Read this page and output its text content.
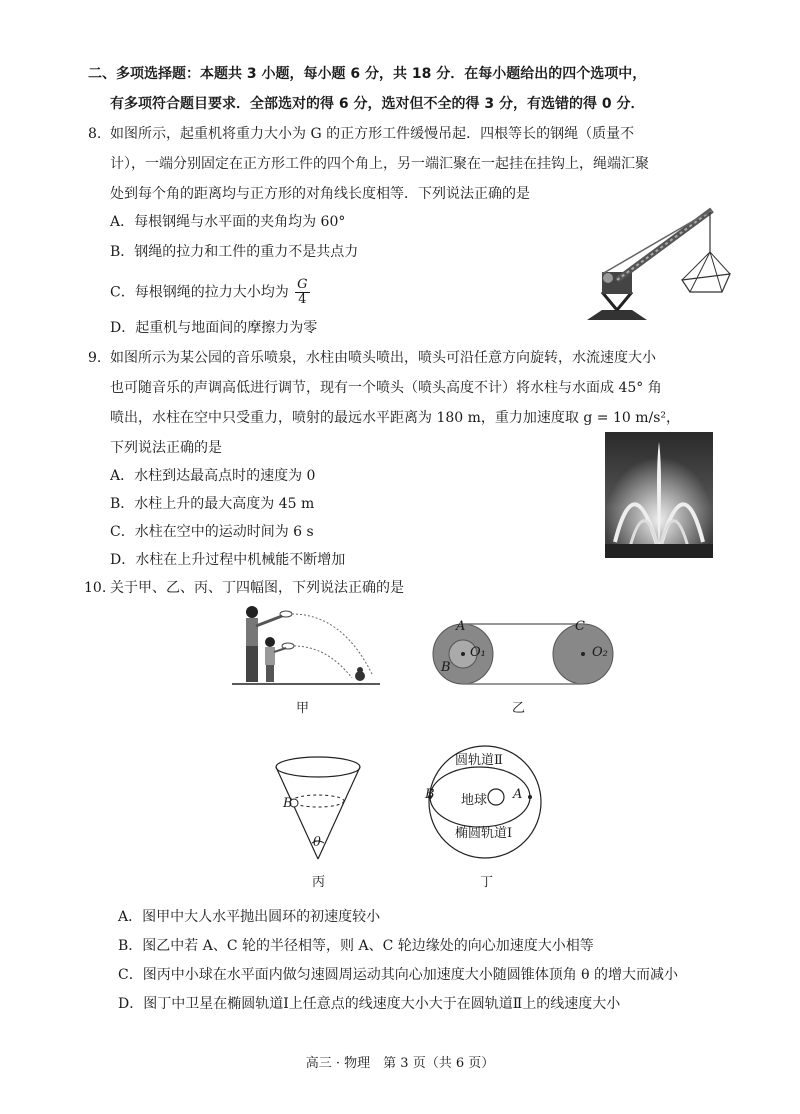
二、多项选择题：本题共 3 小题，每小题 6 分，共 18 分．在每小题给出的四个选项中，
有多项符合题目要求．全部选对的得 6 分，选对但不全的得 3 分，有选错的得 0 分．
8. 如图所示，起重机将重力大小为 G 的正方形工件缓慢吊起．四根等长的钢绳（质量不
计），一端分别固定在正方形工件的四个角上，另一端汇聚在一起挂在挂钩上，绳端汇聚
处到每个角的距离均与正方形的对角线长度相等．下列说法正确的是
A．每根钢绳与水平面的夹角均为 60°
B．钢绳的拉力和工件的重力不是共点力
C．每根钢绳的拉力大小均为 $\frac{G}{4}$
D．起重机与地面间的摩擦力为零
9. 如图所示为某公园的音乐喷泉，水柱由喷头喷出，喷头可沿任意方向旋转，水流速度大小
也可随音乐的声调高低进行调节，现有一个喷头（喷头高度不计）将水柱与水面成 45° 角
喷出，水柱在空中只受重力，喷射的最远水平距离为 180 m，重力加速度取 g = 10 m/s²，
下列说法正确的是
A．水柱到达最高点时的速度为 0
B．水柱上升的最大高度为 45 m
C．水柱在空中的运动时间为 6 s
D．水柱在上升过程中机械能不断增加
10. 关于甲、乙、丙、丁四幅图，下列说法正确的是
甲
A	C
O₁	O₂
B
乙
B
θ
丙
圆轨道Ⅱ
地球
椭圆轨道Ⅰ
B	A
丁
A．图甲中大人水平抛出圆环的初速度较小
B．图乙中若 A、C 轮的半径相等，则 A、C 轮边缘处的向心加速度大小相等
C．图丙中小球在水平面内做匀速圆周运动其向心加速度大小随圆锥体顶角 θ 的增大而减小
D．图丁中卫星在椭圆轨道Ⅰ上任意点的线速度大小大于在圆轨道Ⅱ上的线速度大小
高三 · 物理　第 3 页（共 6 页）
